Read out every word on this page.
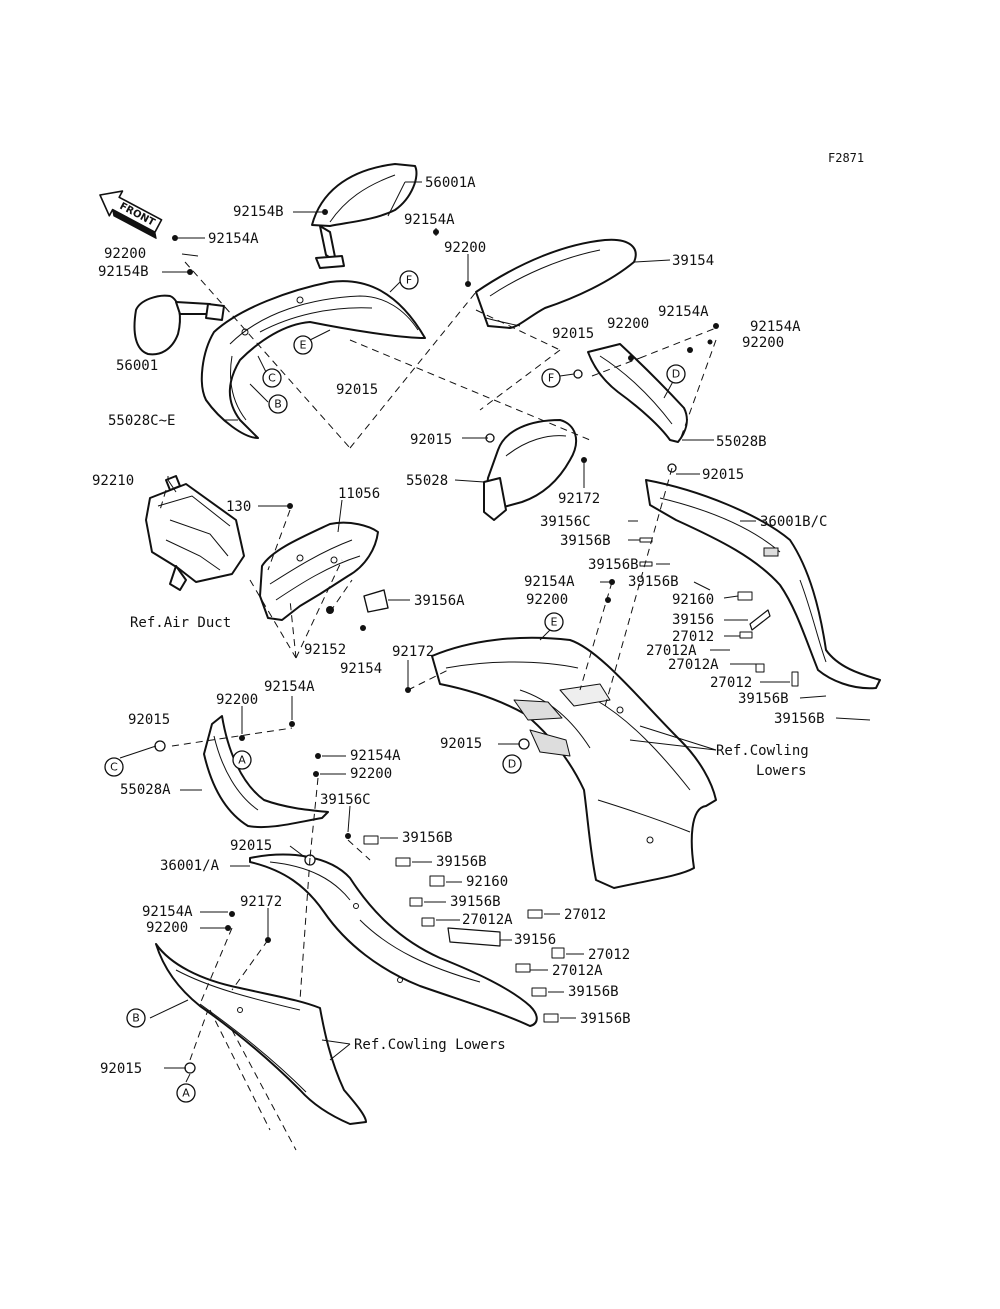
F2871
FRONT
56001A
92154B
92154A
92200
92154B
56001
92015
55028C~E
92154A
92200
39154
92015
92200
92154A
92154A
92200
55028B
92015
55028
92172
92015
36001B/C
92210
130
11056
39156C
39156B
39156B
92154A	39156B
92200	92160
39156
27012
27012A
27012A
27012
39156B
39156B
39156A
Ref.Air Duct
92152
92154
92172
92154A
92200
92015
92015	Ref.Cowling
Lowers
55028A
92154A
92200
39156C
39156B
92015
39156B
36001/A
92160
92154A
92172	39156B
27012
92200	27012A
39156
27012
27012A
39156B
39156B
Ref.Cowling Lowers
92015
F
E
C
B
F	D
E
C	D
A
B
A
